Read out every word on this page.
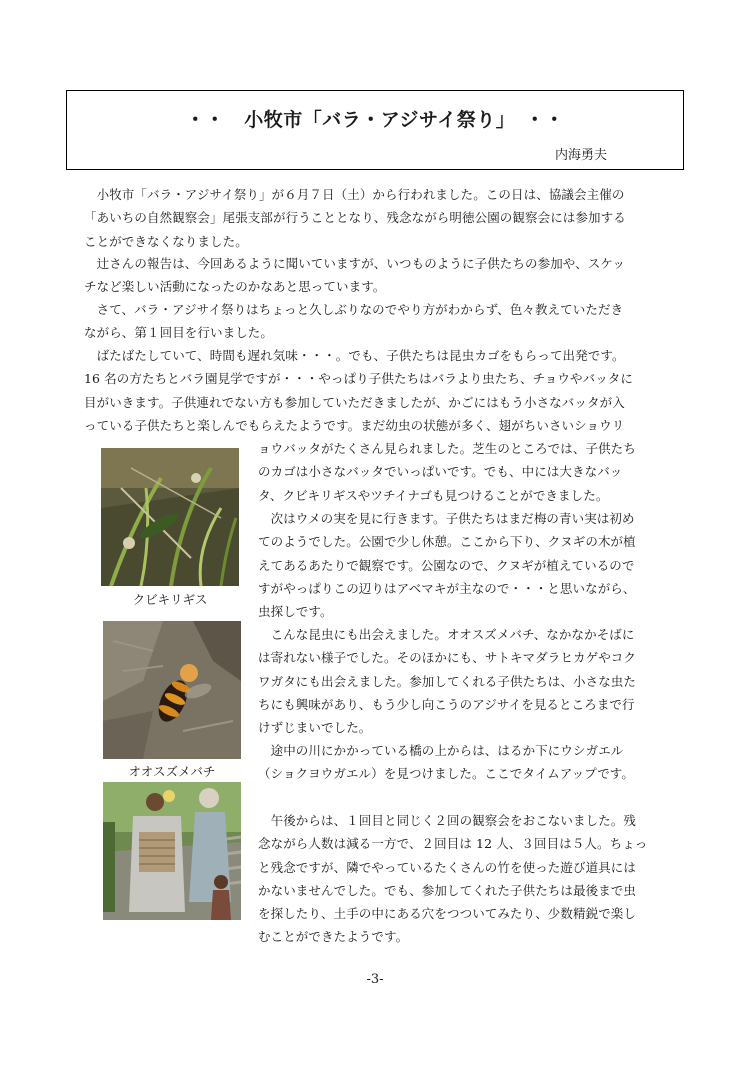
・・　小牧市「バラ・アジサイ祭り」　・・
内海勇夫

　小牧市「バラ・アジサイ祭り」が６月７日（土）から行われました。この日は、協議会主催の
「あいちの自然観察会」尾張支部が行うこととなり、残念ながら明徳公園の観察会には参加する
ことができなくなりました。

　辻さんの報告は、今回あるように聞いていますが、いつものように子供たちの参加や、スケッ
チなど楽しい活動になったのかなあと思っています。

　さて、バラ・アジサイ祭りはちょっと久しぶりなのでやり方がわからず、色々教えていただき
ながら、第１回目を行いました。

　ばたばたしていて、時間も遅れ気味・・・。でも、子供たちは昆虫カゴをもらって出発です。
16 名の方たちとバラ園見学ですが・・・やっぱり子供たちはバラより虫たち、チョウやバッタに
目がいきます。子供連れでない方も参加していただきましたが、かごにはもう小さなバッタが入
っている子供たちと楽しんでもらえたようです。まだ幼虫の状態が多く、翅がちいさいショウリ

ョウバッタがたくさん見られました。芝生のところでは、子供たち
のカゴは小さなバッタでいっぱいです。でも、中には大きなバッ
タ、クビキリギスやツチイナゴも見つけることができました。

　次はウメの実を見に行きます。子供たちはまだ梅の青い実は初め
てのようでした。公園で少し休憩。ここから下り、クヌギの木が植
えてあるあたりで観察です。公園なので、クヌギが植えているので
すがやっぱりこの辺りはアベマキが主なので・・・と思いながら、
虫探しです。

　こんな昆虫にも出会えました。オオスズメバチ、なかなかそばに
は寄れない様子でした。そのほかにも、サトキマダラヒカゲやコク
ワガタにも出会えました。参加してくれる子供たちは、小さな虫た
ちにも興味があり、もう少し向こうのアジサイを見るところまで行
けずじまいでした。

　途中の川にかかっている橋の上からは、はるか下にウシガエル
（ショクヨウガエル）を見つけました。ここでタイムアップです。

　午後からは、１回目と同じく２回の観察会をおこないました。残
念ながら人数は減る一方で、２回目は 12 人、３回目は５人。ちょっ
と残念ですが、隣でやっているたくさんの竹を使った遊び道具には
かないませんでした。でも、参加してくれた子供たちは最後まで虫
を探したり、土手の中にある穴をつついてみたり、少数精鋭で楽し
むことができたようです。

クビキリギス
オオスズメバチ
-3-
